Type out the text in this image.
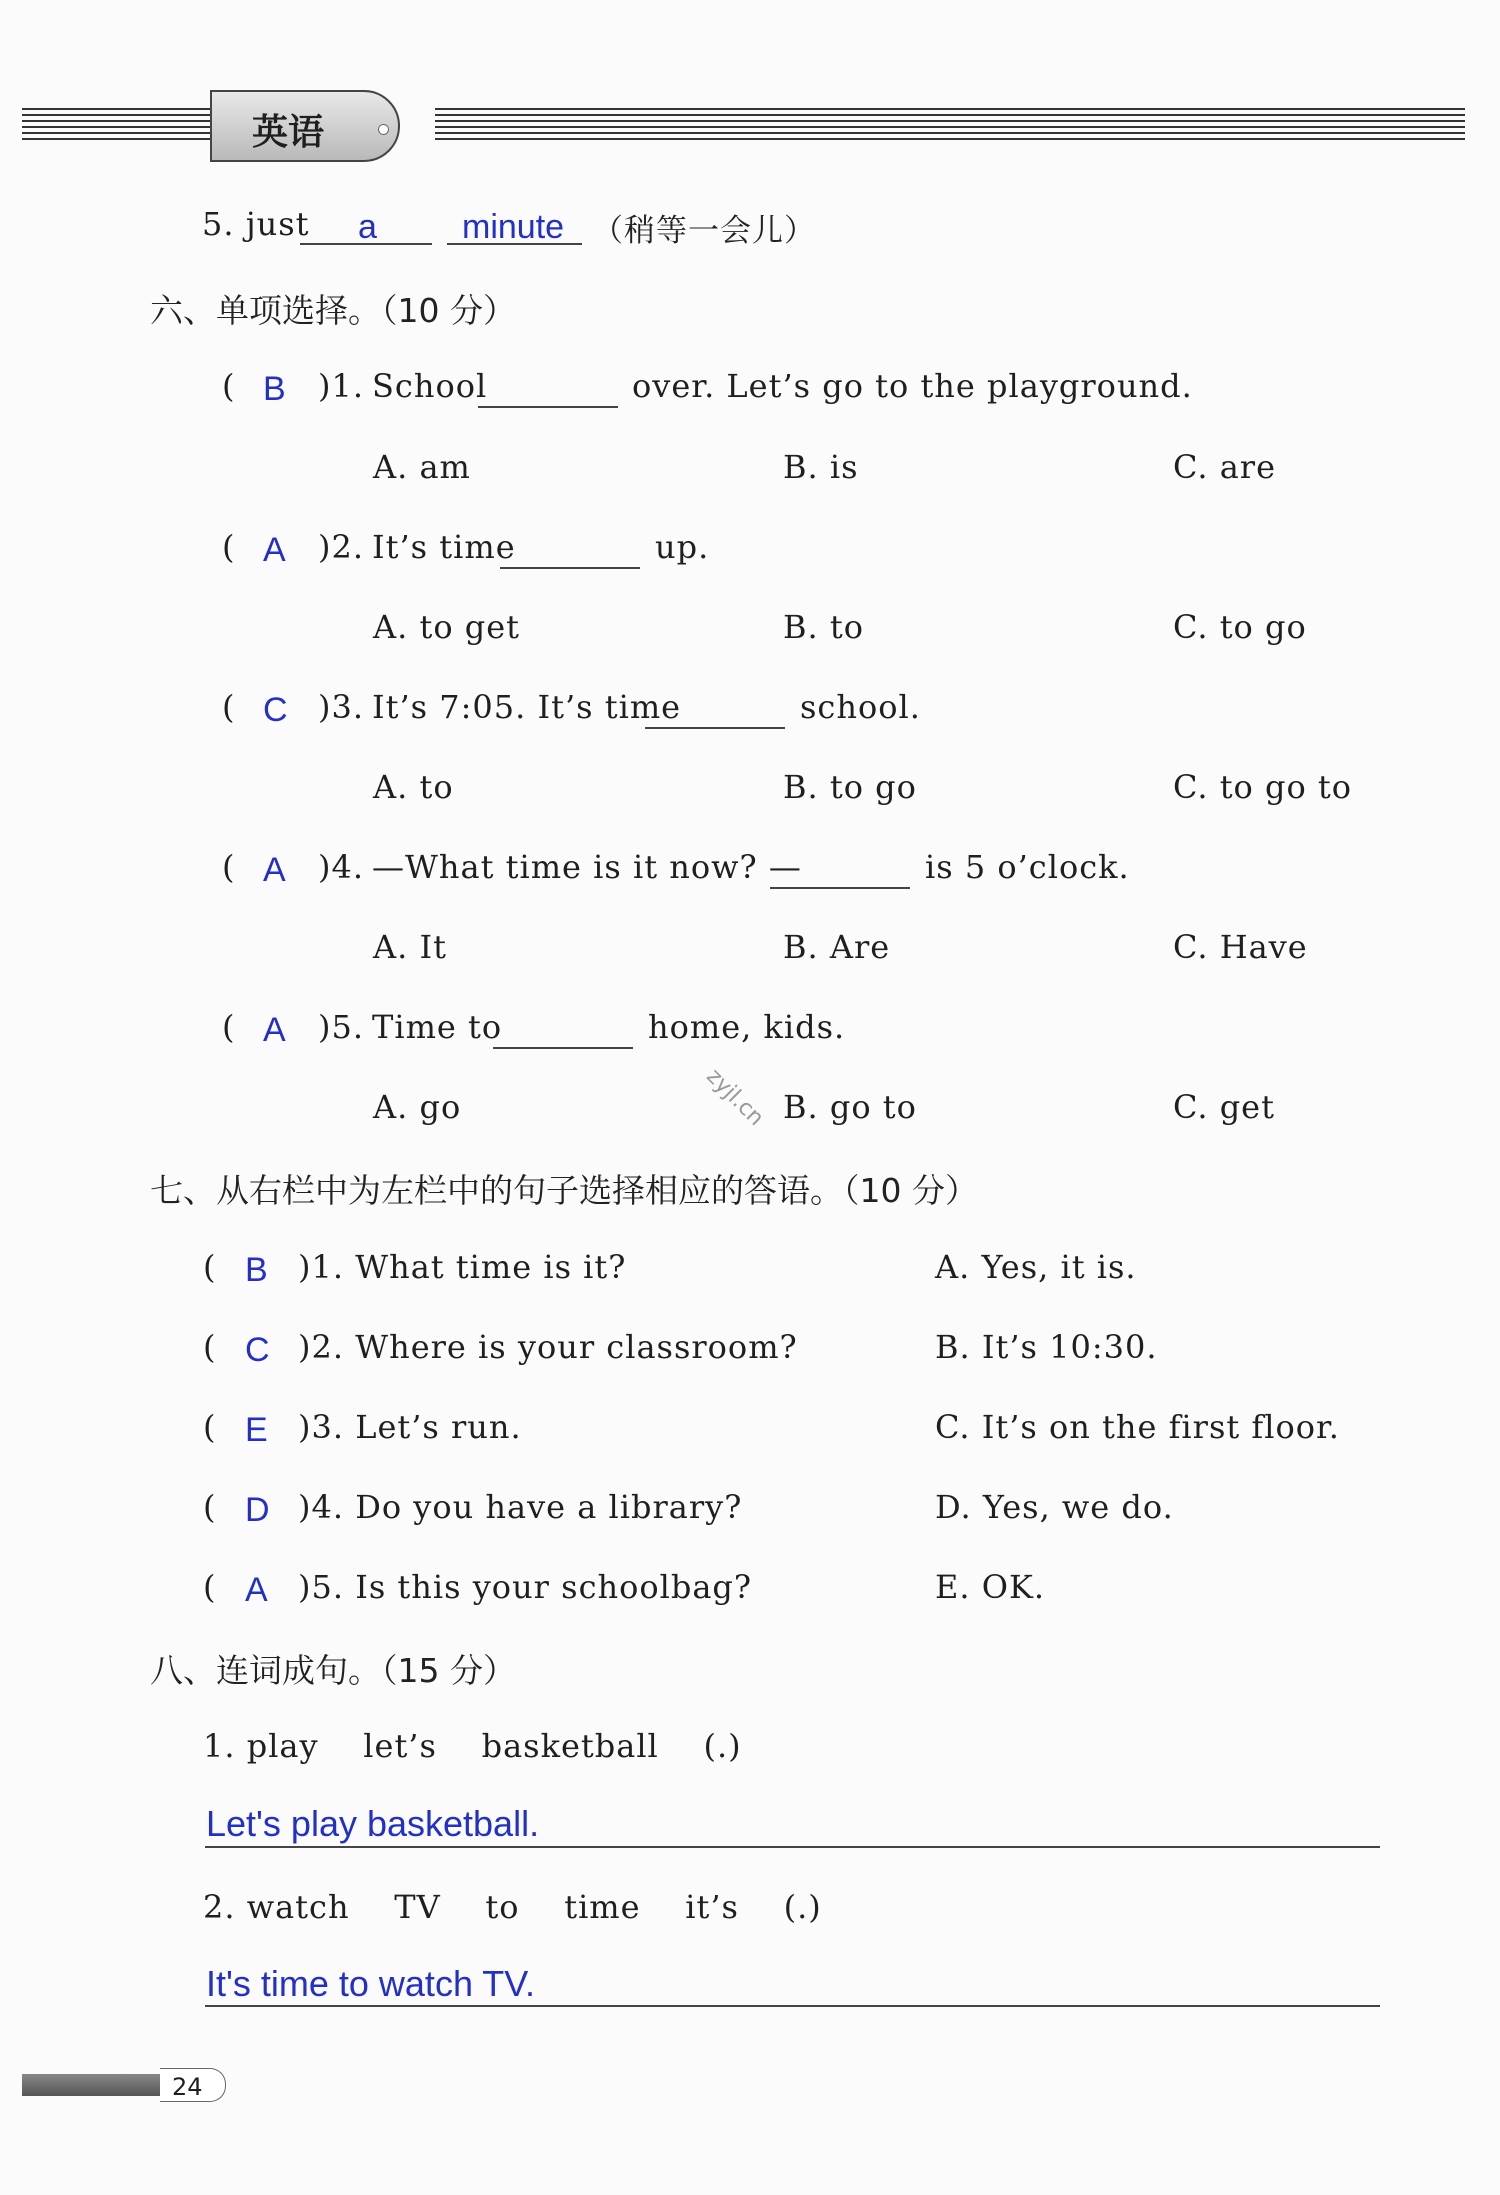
英语
5. just a	minute （稍等一会儿）
六、单项选择。（10 分）
( B )1. School	over. Let’s go to the playground.
A. am	B. is	C. are
( A )2. It’s time	up.
A. to get	B. to	C. to go
( C )3. It’s 7:05. It’s time	school.
A. to	B. to go	C. to go to
( A )4. —What time is it now? —	is 5 o’clock.
A. It	B. Are	C. Have
( A )5. Time to	home, kids.
A. go	B. go to	C. get
zyjl.cn
七、从右栏中为左栏中的句子选择相应的答语。（10 分）
( B )1. What time is it?	A. Yes, it is.
( C )2. Where is your classroom?	B. It’s 10:30.
( E )3. Let’s run.	C. It’s on the first floor.
( D )4. Do you have a library?	D. Yes, we do.
( A )5. Is this your schoolbag?	E. OK.
八、连词成句。（15 分）
1. play    let’s    basketball    (.)
Let's play basketball.
2. watch    TV    to    time    it’s    (.)
It's time to watch TV.
24
